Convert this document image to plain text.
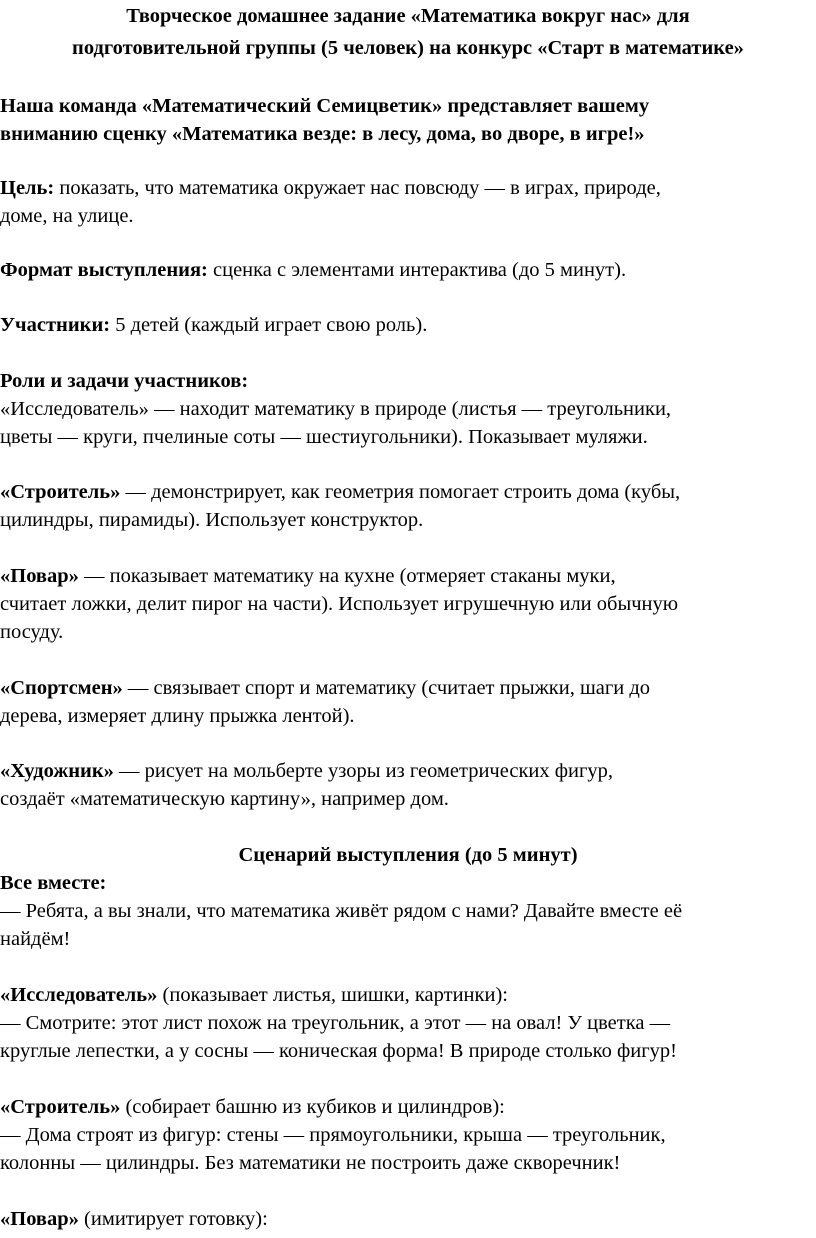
Творческое домашнее задание «Математика вокруг нас» для
подготовительной группы (5 человек) на конкурс «Старт в математике»
Наша команда «Математический Семицветик» представляет вашему
вниманию сценку «Математика везде: в лесу, дома, во дворе, в игре!»
Цель: показать, что математика окружает нас повсюду — в играх, природе,
доме, на улице.
Формат выступления: сценка с элементами интерактива (до 5 минут).
Участники: 5 детей (каждый играет свою роль).
Роли и задачи участников:
«Исследователь» — находит математику в природе (листья — треугольники,
цветы — круги, пчелиные соты — шестиугольники). Показывает муляжи.
«Строитель» — демонстрирует, как геометрия помогает строить дома (кубы,
цилиндры, пирамиды). Использует конструктор.
«Повар» — показывает математику на кухне (отмеряет стаканы муки,
считает ложки, делит пирог на части). Использует игрушечную или обычную
посуду.
«Спортсмен» — связывает спорт и математику (считает прыжки, шаги до
дерева, измеряет длину прыжка лентой).
«Художник» — рисует на мольберте узоры из геометрических фигур,
создаёт «математическую картину», например дом.
Сценарий выступления (до 5 минут)
Все вместе:
— Ребята, а вы знали, что математика живёт рядом с нами? Давайте вместе её
найдём!
«Исследователь» (показывает листья, шишки, картинки):
— Смотрите: этот лист похож на треугольник, а этот — на овал! У цветка —
круглые лепестки, а у сосны — коническая форма! В природе столько фигур!
«Строитель» (собирает башню из кубиков и цилиндров):
— Дома строят из фигур: стены — прямоугольники, крыша — треугольник,
колонны — цилиндры. Без математики не построить даже скворечник!
«Повар» (имитирует готовку):
